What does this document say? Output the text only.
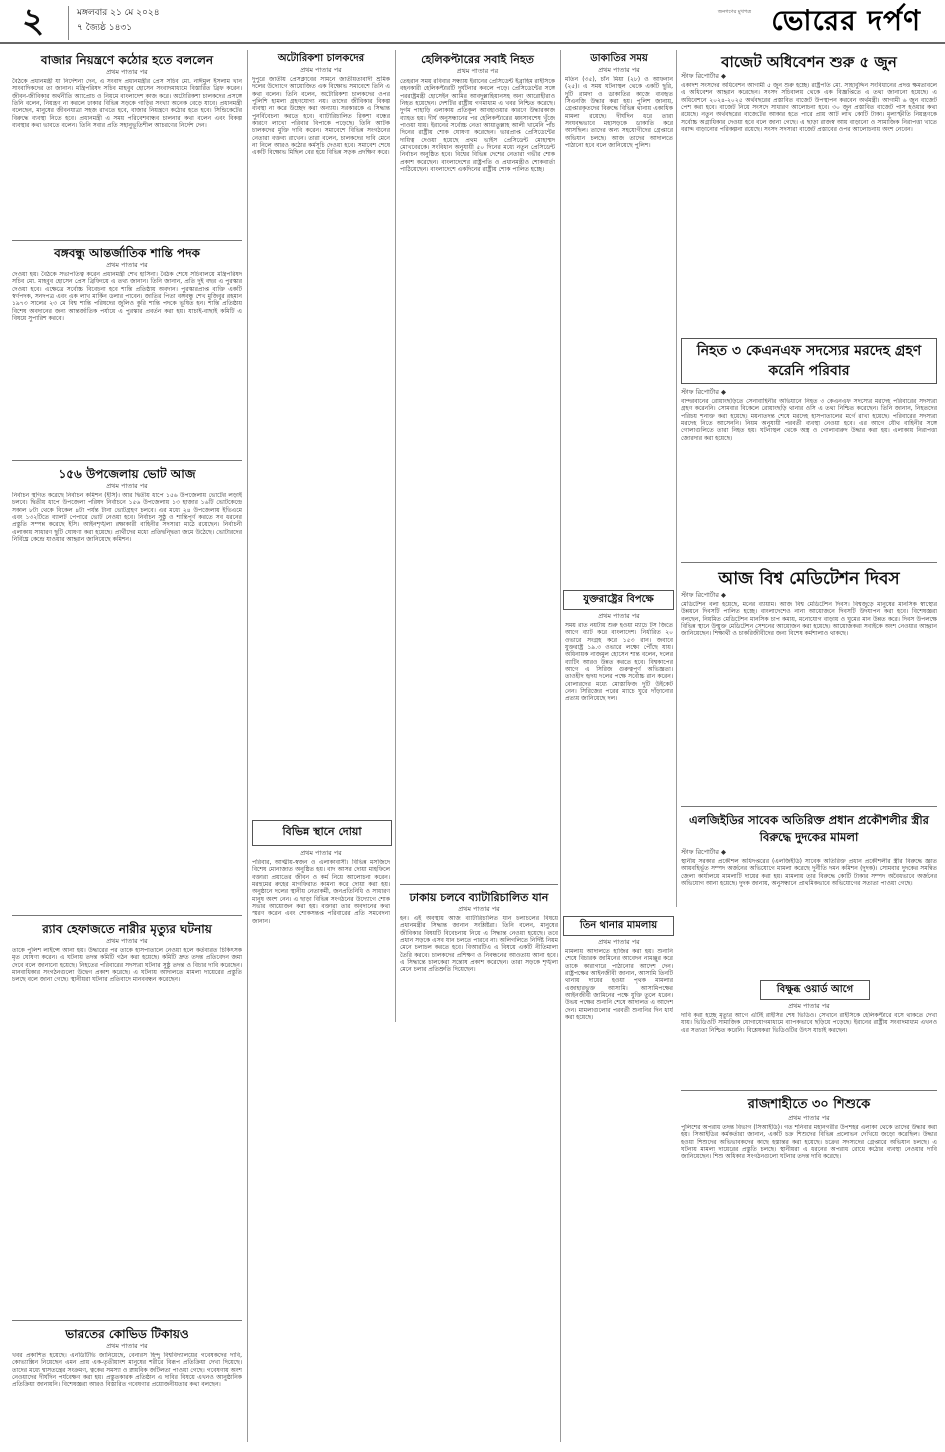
২	মঙ্গলবার ২১ মে ২০২৪
৭ জ্যৈষ্ঠ ১৪৩১
জনগণের মুখপত্র ভোরের দর্পণ
বাজার নিয়ন্ত্রণে কঠোর হতে বললেন
প্রথম পাতার পর
বৈঠকে প্রধানমন্ত্রী যা নির্দেশনা দেন, এ সংবাদ প্রধানমন্ত্রীর প্রেস সচিব মো. নাঈমুল ইসলাম খান সাংবাদিকদের তা জানান। মন্ত্রিপরিষদ সচিব মাহবুব হোসেন সংবাদমাধ্যমে বিস্তারিত ব্রিফ করেন। জীবন-জীবিকার অর্থনীতি অ্যাপ্রোচ ও নিয়মে বাংলাদেশ কাজ করে। অটোরিকশা চালকদের প্রসঙ্গে তিনি বলেন, নিয়ন্ত্রণ না করলে ঢাকার বিভিন্ন সড়কে গাড়ির সংখ্যা অনেক বেড়ে যাবে। প্রধানমন্ত্রী বলেছেন, মানুষের জীবনযাত্রা সহজ রাখতে হবে, বাজার নিয়ন্ত্রণে কঠোর হতে হবে। সিন্ডিকেটের বিরুদ্ধে ব্যবস্থা নিতে হবে। প্রধানমন্ত্রী এ সময় পরিবেশবান্ধব চালনার কথা বলেন এবং বিকল্প ব্যবস্থার কথা ভাবতে বলেন। তিনি সবার প্রতি সহানুভূতিশীল আচরণের নির্দেশ দেন।
বঙ্গবন্ধু আন্তর্জাতিক শান্তি পদক
প্রথম পাতার পর
দেওয়া হয়। বৈঠকে সভাপতিত্ব করেন প্রধানমন্ত্রী শেখ হাসিনা। বৈঠক শেষে সচিবালয়ে মন্ত্রিপরিষদ সচিব মো. মাহবুব হোসেন প্রেস ব্রিফিংয়ে এ তথ্য জানান। তিনি জানান, প্রতি দুই বছর এ পুরস্কার দেওয়া হবে। এক্ষেত্রে সর্বোচ্চ বিবেচনা হবে শান্তি প্রতিষ্ঠায় অবদান। পুরস্কারপ্রাপ্ত ব্যক্তি একটি স্বর্ণপদক, সনদপত্র এবং এক লাখ মার্কিন ডলার পাবেন। জাতির পিতা বঙ্গবন্ধু শেখ মুজিবুর রহমান ১৯৭৩ সালের ২৩ মে বিশ্ব শান্তি পরিষদের জুলিও কুরি শান্তি পদকে ভূষিত হন। শান্তি প্রতিষ্ঠায় বিশেষ অবদানের জন্য আন্তর্জাতিক পর্যায়ে এ পুরস্কার প্রবর্তন করা হয়। যাচাই-বাছাই কমিটি এ বিষয়ে সুপারিশ করবে।
১৫৬ উপজেলায় ভোট আজ
প্রথম পাতার পর
নির্বাচন স্থগিত করেছে নির্বাচন কমিশন (ইসি)। আর দ্বিতীয় ধাপে ১৫৬ উপজেলায় ভোটের লড়াই চলবে। দ্বিতীয় ধাপে উপজেলা পরিষদ নির্বাচনে ১৫৬ উপজেলায় ১৩ হাজার ১৬টি ভোটকেন্দ্রে সকাল ৮টা থেকে বিকেল ৪টা পর্যন্ত টানা ভোটগ্রহণ চলবে। এর মধ্যে ২৪ উপজেলায় ইভিএমে এবং ১৩২টিতে ব্যালট পেপারে ভোট নেওয়া হবে। নির্বাচন সুষ্ঠু ও শান্তিপূর্ণ করতে সব ধরনের প্রস্তুতি সম্পন্ন করেছে ইসি। আইনশৃঙ্খলা রক্ষাকারী বাহিনীর সদস্যরা মাঠে রয়েছেন। নির্বাচনী এলাকায় সাধারণ ছুটি ঘোষণা করা হয়েছে। প্রার্থীদের মধ্যে প্রতিদ্বন্দ্বিতা জমে উঠেছে। ভোটারদের নির্বিঘ্নে কেন্দ্রে যাওয়ার আহ্বান জানিয়েছে কমিশন।
র‌্যাব হেফাজতে নারীর মৃত্যুর ঘটনায়
প্রথম পাতার পর
তাকে পুলিশ লাইন্সে আনা হয়। উদ্ধারের পর তাকে হাসপাতালে নেওয়া হলে কর্তব্যরত চিকিৎসক মৃত ঘোষণা করেন। এ ঘটনায় তদন্ত কমিটি গঠন করা হয়েছে। কমিটি দ্রুত তদন্ত প্রতিবেদন জমা দেবে বলে জানানো হয়েছে। নিহতের পরিবারের সদস্যরা ঘটনার সুষ্ঠু তদন্ত ও বিচার দাবি করেছেন। মানবাধিকার সংগঠনগুলো উদ্বেগ প্রকাশ করেছে। এ ঘটনায় আদালতে মামলা দায়েরের প্রস্তুতি চলছে বলে জানা গেছে। স্থানীয়রা ঘটনার প্রতিবাদে মানববন্ধন করেছেন।
ভারতের কোভিড টিকায়ও
প্রথম পাতার পর
খবর প্রকাশিত হয়েছে। এনডিটিভি জানিয়েছে, বেনারস হিন্দু বিশ্ববিদ্যালয়ের গবেষকদের দাবি, কোভ্যাক্সিন নিয়েছেন এমন প্রায় এক-তৃতীয়াংশ মানুষের শরীরে বিরূপ প্রতিক্রিয়া দেখা দিয়েছে। তাদের মধ্যে শ্বাসতন্ত্রের সংক্রমণ, ত্বকের সমস্যা ও স্নায়বিক জটিলতা পাওয়া গেছে। গবেষণায় অংশ নেওয়াদের দীর্ঘদিন পর্যবেক্ষণ করা হয়। প্রস্তুতকারক প্রতিষ্ঠান এ দাবির বিষয়ে এখনও আনুষ্ঠানিক প্রতিক্রিয়া জানায়নি। বিশেষজ্ঞরা আরও বিস্তারিত গবেষণার প্রয়োজনীয়তার কথা বলছেন।
অটোরিকশা চালকদের
প্রথম পাতার পর
দুপুরে জাতীয় প্রেসক্লাবের সামনে জাতীয়তাবাদী শ্রমিক দলের উদ্যোগে আয়োজিত এক বিক্ষোভ সমাবেশে তিনি এ কথা বলেন। তিনি বলেন, অটোরিকশা চালকদের ওপর পুলিশি হামলা গ্রহণযোগ্য নয়। তাদের জীবিকার বিকল্প ব্যবস্থা না করে উচ্ছেদ করা অন্যায়। সরকারকে এ সিদ্ধান্ত পুনর্বিবেচনা করতে হবে। ব্যাটারিচালিত রিকশা বন্ধের কারণে লাখো পরিবার বিপাকে পড়েছে। তিনি আটক চালকদের মুক্তি দাবি করেন। সমাবেশে বিভিন্ন সংগঠনের নেতারা বক্তব্য রাখেন। তারা বলেন, চালকদের দাবি মেনে না নিলে আরও কঠোর কর্মসূচি দেওয়া হবে। সমাবেশ শেষে একটি বিক্ষোভ মিছিল বের হয়ে বিভিন্ন সড়ক প্রদক্ষিণ করে।
বিভিন্ন স্থানে দোয়া
প্রথম পাতার পর
পরিবার, আত্মীয়-স্বজন ও এলাকাবাসী। বিভিন্ন মসজিদে বিশেষ মোনাজাত অনুষ্ঠিত হয়। বাদ আসর দোয়া মাহফিলে বক্তারা প্রয়াতের জীবন ও কর্ম নিয়ে আলোচনা করেন। মরহুমের রুহের মাগফিরাত কামনা করে দোয়া করা হয়। অনুষ্ঠানে দলের স্থানীয় নেতাকর্মী, জনপ্রতিনিধি ও সাধারণ মানুষ অংশ নেন। এ ছাড়া বিভিন্ন সংগঠনের উদ্যোগে শোক সভার আয়োজন করা হয়। বক্তারা তার অবদানের কথা স্মরণ করেন এবং শোকসন্তপ্ত পরিবারের প্রতি সমবেদনা জানান।
হেলিকপ্টারের সবাই নিহত
প্রথম পাতার পর
তেহরান সময় রবিবার সন্ধ্যায় ইরানের প্রেসিডেন্ট ইব্রাহিম রাইসিকে বহনকারী হেলিকপ্টারটি দুর্ঘটনার কবলে পড়ে। প্রেসিডেন্টের সঙ্গে পররাষ্ট্রমন্ত্রী হোসেইন আমির আবদুল্লাহিয়ানসহ অন্য আরোহীরাও নিহত হয়েছেন। দেশটির রাষ্ট্রীয় গণমাধ্যম এ খবর নিশ্চিত করেছে। দুর্গম পাহাড়ি এলাকায় প্রতিকূল আবহাওয়ার কারণে উদ্ধারকাজ ব্যাহত হয়। দীর্ঘ অনুসন্ধানের পর হেলিকপ্টারের ধ্বংসাবশেষ খুঁজে পাওয়া যায়। ইরানের সর্বোচ্চ নেতা আয়াতুল্লাহ আলী খামেনি পাঁচ দিনের রাষ্ট্রীয় শোক ঘোষণা করেছেন। ভারপ্রাপ্ত প্রেসিডেন্টের দায়িত্ব দেওয়া হয়েছে প্রথম ভাইস প্রেসিডেন্ট মোহাম্মদ মোখবেরকে। সংবিধান অনুযায়ী ৫০ দিনের মধ্যে নতুন প্রেসিডেন্ট নির্বাচন অনুষ্ঠিত হবে। বিশ্বের বিভিন্ন দেশের নেতারা গভীর শোক প্রকাশ করেছেন। বাংলাদেশের রাষ্ট্রপতি ও প্রধানমন্ত্রীও শোকবার্তা পাঠিয়েছেন। বাংলাদেশে একদিনের রাষ্ট্রীয় শোক পালিত হচ্ছে।
ঢাকায় চলবে ব্যাটারিচালিত যান
প্রথম পাতার পর
হন। এই অবস্থায় আজ ব্যাটারিচালিত যান চলাচলের বিষয়ে প্রধানমন্ত্রীর সিদ্ধান্ত জানান সংশ্লিষ্টরা। তিনি বলেন, মানুষের জীবিকার বিষয়টি বিবেচনায় নিয়ে এ সিদ্ধান্ত নেওয়া হয়েছে। তবে প্রধান সড়কে এসব যান চলতে পারবে না। অলিগলিতে নির্দিষ্ট নিয়ম মেনে চলাচল করতে হবে। বিআরটিএ এ বিষয়ে একটি নীতিমালা তৈরি করবে। চালকদের প্রশিক্ষণ ও নিবন্ধনের আওতায় আনা হবে। এ সিদ্ধান্তে চালকেরা সন্তোষ প্রকাশ করেছেন। তারা সড়কে শৃঙ্খলা মেনে চলার প্রতিশ্রুতি দিয়েছেন।
ডাকাতির সময়
প্রথম পাতার পর
মতিন (৩৫), চাঁন মিয়া (২৮) ও আফনান (২৫)। এ সময় ঘটনাস্থল থেকে একটি ছুরি, দুটি রামদা ও ডাকাতির কাজে ব্যবহৃত সিএনজি উদ্ধার করা হয়। পুলিশ জানায়, গ্রেপ্তারকৃতদের বিরুদ্ধে বিভিন্ন থানায় একাধিক মামলা রয়েছে। দীর্ঘদিন ধরে তারা সংঘবদ্ধভাবে মহাসড়কে ডাকাতি করে আসছিল। তাদের অন্য সহযোগীদের গ্রেপ্তারে অভিযান চলছে। আজ তাদের আদালতে পাঠানো হবে বলে জানিয়েছে পুলিশ।
যুক্তরাষ্ট্রের বিপক্ষে
প্রথম পাতার পর
সময় রাত নয়টায় শুরু হওয়া ম্যাচে টস জিতে আগে ব্যাট করে বাংলাদেশ। নির্ধারিত ২০ ওভারে সংগ্রহ করে ১৫৩ রান। জবাবে যুক্তরাষ্ট্র ১৯.৩ ওভারে লক্ষ্যে পৌঁছে যায়। অধিনায়ক নাজমুল হোসেন শান্ত বলেন, দলের ব্যাটিং আরও উন্নত করতে হবে। বিশ্বকাপের আগে এ সিরিজ গুরুত্বপূর্ণ অভিজ্ঞতা। তাওহীদ হৃদয় দলের পক্ষে সর্বোচ্চ রান করেন। বোলারদের মধ্যে মোস্তাফিজ দুটি উইকেট নেন। সিরিজের পরের ম্যাচে ঘুরে দাঁড়ানোর প্রত্যয় জানিয়েছে দল।
তিন থানার মামলায়
প্রথম পাতার পর
মামলায় আদালতে হাজির করা হয়। শুনানি শেষে বিচারক জামিনের আবেদন নামঞ্জুর করে তাকে কারাগারে পাঠানোর আদেশ দেন। রাষ্ট্রপক্ষের আইনজীবী জানান, আসামি তিনটি থানায় দায়ের হওয়া পৃথক মামলার এজাহারভুক্ত আসামি। আসামিপক্ষের আইনজীবী জামিনের পক্ষে যুক্তি তুলে ধরেন। উভয় পক্ষের শুনানি শেষে আদালত এ আদেশ দেন। মামলাগুলোর পরবর্তী শুনানির দিন ধার্য করা হয়েছে।
বাজেট অধিবেশন শুরু ৫ জুন
স্টাফ রিপোর্টার ◆
একাদশ সংসদের অধিবেশন আগামী ৫ জুন শুরু হচ্ছে। রাষ্ট্রপতি মো. সাহাবুদ্দিন সংবিধানের প্রদত্ত ক্ষমতাবলে এ অধিবেশন আহ্বান করেছেন। সংসদ সচিবালয় থেকে এক বিজ্ঞপ্তিতে এ তথ্য জানানো হয়েছে। এ অধিবেশনে ২০২৪-২০২৫ অর্থবছরের প্রস্তাবিত বাজেট উপস্থাপন করবেন অর্থমন্ত্রী। আগামী ৬ জুন বাজেট পেশ করা হবে। বাজেট নিয়ে সংসদে সাধারণ আলোচনা হবে। ৩০ জুন প্রস্তাবিত বাজেট পাস হওয়ার কথা রয়েছে। নতুন অর্থবছরের বাজেটের আকার হতে পারে প্রায় আট লাখ কোটি টাকা। মূল্যস্ফীতি নিয়ন্ত্রণকে সর্বোচ্চ অগ্রাধিকার দেওয়া হবে বলে জানা গেছে। এ ছাড়া রাজস্ব আয় বাড়ানো ও সামাজিক নিরাপত্তা খাতে বরাদ্দ বাড়ানোর পরিকল্পনা রয়েছে। সংসদ সদস্যরা বাজেট প্রস্তাবের ওপর আলোচনায় অংশ নেবেন।
নিহত ৩ কেএনএফ সদস্যের মরদেহ গ্রহণ করেনি পরিবার
স্টাফ রিপোর্টার ◆
বান্দরবানের রোয়াংছড়িতে সেনাবাহিনীর অভিযানে নিহত ৩ কেএনএফ সদস্যের মরদেহ পরিবারের সদস্যরা গ্রহণ করেননি। সোমবার বিকেলে রোয়াংছড়ি থানার ওসি এ তথ্য নিশ্চিত করেছেন। তিনি জানান, নিহতদের পরিচয় শনাক্ত করা হয়েছে। ময়নাতদন্ত শেষে মরদেহ হাসপাতালের মর্গে রাখা হয়েছে। পরিবারের সদস্যরা মরদেহ নিতে আসেননি। নিয়ম অনুযায়ী পরবর্তী ব্যবস্থা নেওয়া হবে। এর আগে যৌথ বাহিনীর সঙ্গে গোলাগুলিতে তারা নিহত হয়। ঘটনাস্থল থেকে অস্ত্র ও গোলাবারুদ উদ্ধার করা হয়। এলাকায় নিরাপত্তা জোরদার করা হয়েছে।
আজ বিশ্ব মেডিটেশন দিবস
স্টাফ রিপোর্টার ◆
মেডিটেশন বলা হয়েছে, মনের ব্যায়াম। আজ বিশ্ব মেডিটেশন দিবস। বিশ্বজুড়ে মানুষের মানসিক স্বাস্থ্যের উন্নয়নে দিবসটি পালিত হচ্ছে। বাংলাদেশেও নানা আয়োজনে দিবসটি উদযাপন করা হবে। বিশেষজ্ঞরা বলছেন, নিয়মিত মেডিটেশন মানসিক চাপ কমায়, মনোযোগ বাড়ায় ও ঘুমের মান উন্নত করে। দিবস উপলক্ষে বিভিন্ন স্থানে উন্মুক্ত মেডিটেশন সেশনের আয়োজন করা হয়েছে। আয়োজকরা সবাইকে অংশ নেওয়ার আহ্বান জানিয়েছেন। শিক্ষার্থী ও চাকরিজীবীদের জন্য বিশেষ কর্মশালাও থাকছে।
এলজিইডির সাবেক অতিরিক্ত প্রধান প্রকৌশলীর স্ত্রীর বিরুদ্ধে দুদকের মামলা
স্টাফ রিপোর্টার ◆
স্থানীয় সরকার প্রকৌশল অধিদপ্তরের (এলজিইডি) সাবেক অতিরিক্ত প্রধান প্রকৌশলীর স্ত্রীর বিরুদ্ধে জ্ঞাত আয়বহির্ভূত সম্পদ অর্জনের অভিযোগে মামলা করেছে দুর্নীতি দমন কমিশন (দুদক)। সোমবার দুদকের সমন্বিত জেলা কার্যালয়ে মামলাটি দায়ের করা হয়। মামলায় তার বিরুদ্ধে কোটি টাকার সম্পদ অবৈধভাবে অর্জনের অভিযোগ আনা হয়েছে। দুদক জানায়, অনুসন্ধানে প্রাথমিকভাবে অভিযোগের সত্যতা পাওয়া গেছে।
বিক্ষুব্ধ ওয়ার্ড আগে
প্রথম পাতার পর
দাবি করা হচ্ছে মৃত্যুর আগে এটিই রাইসির শেষ ভিডিও। সেখানে রাইসিকে হেলিকপ্টারে বসে থাকতে দেখা যায়। ভিডিওটি সামাজিক যোগাযোগমাধ্যমে ব্যাপকভাবে ছড়িয়ে পড়েছে। ইরানের রাষ্ট্রীয় সংবাদমাধ্যম এখনও এর সত্যতা নিশ্চিত করেনি। বিশ্লেষকরা ভিডিওটির উৎস যাচাই করছেন।
রাজশাহীতে ৩০ শিশুকে
প্রথম পাতার পর
পুলিশের অপরাধ তদন্ত বিভাগ (সিআইডি)। গত শনিবার মহানগরীর উপশহর এলাকা থেকে তাদের উদ্ধার করা হয়। সিআইডির কর্মকর্তারা জানান, একটি চক্র শিশুদের বিভিন্ন প্রলোভন দেখিয়ে জড়ো করেছিল। উদ্ধার হওয়া শিশুদের অভিভাবকদের কাছে হস্তান্তর করা হয়েছে। চক্রের সদস্যদের গ্রেপ্তারে অভিযান চলছে। এ ঘটনায় মামলা দায়েরের প্রস্তুতি চলছে। স্থানীয়রা এ ধরনের অপরাধ রোধে কঠোর ব্যবস্থা নেওয়ার দাবি জানিয়েছেন। শিশু অধিকার সংগঠনগুলো ঘটনার তদন্ত দাবি করেছে।
